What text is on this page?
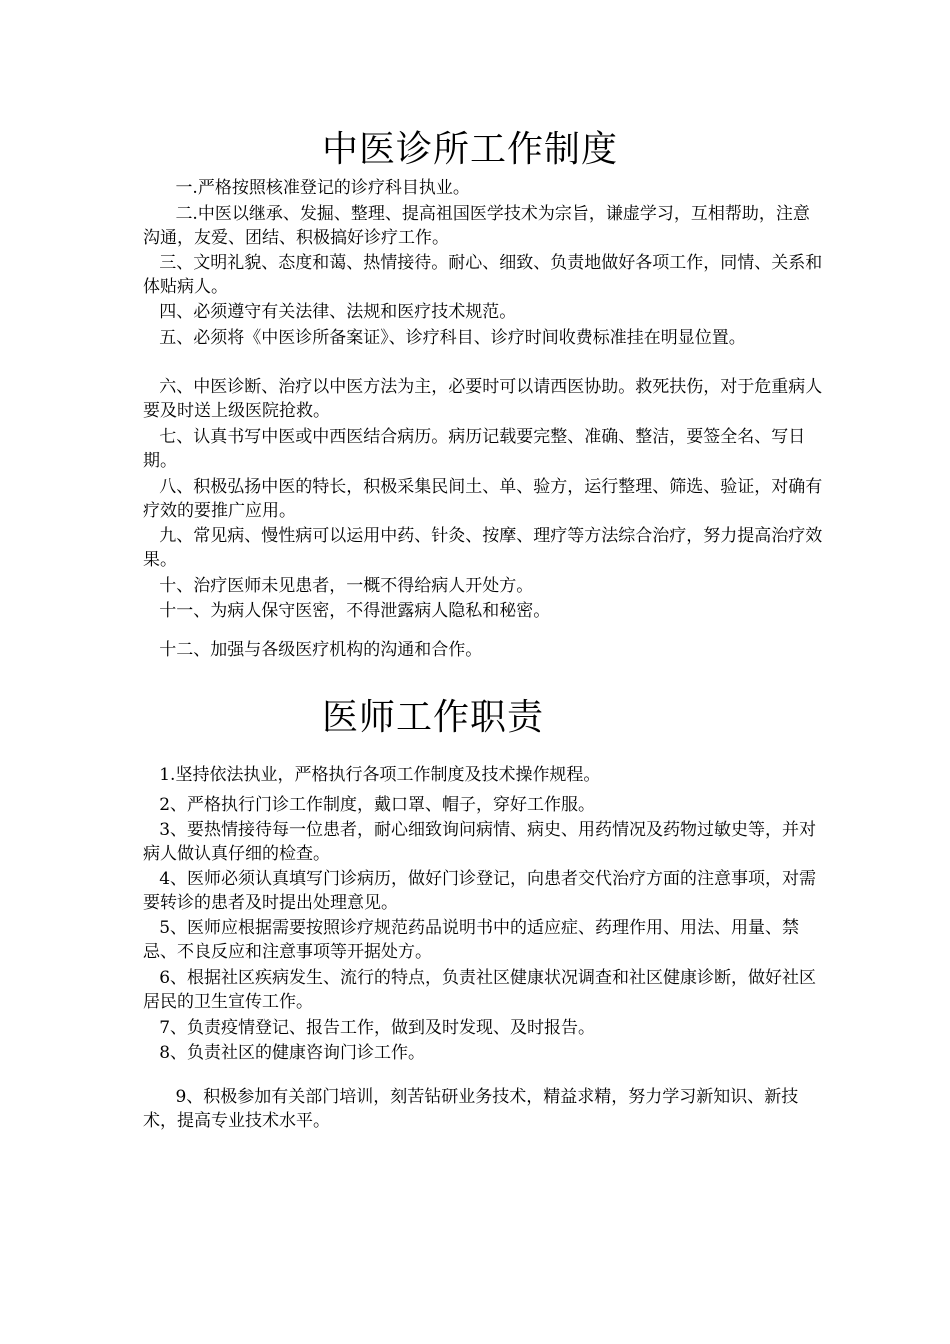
中医诊所工作制度
一.严格按照核准登记的诊疗科目执业。
二.中医以继承、发掘、整理、提高祖国医学技术为宗旨，谦虚学习，互相帮助，注意沟通，友爱、团结、积极搞好诊疗工作。
三、文明礼貌、态度和蔼、热情接待。耐心、细致、负责地做好各项工作，同情、关系和体贴病人。
四、必须遵守有关法律、法规和医疗技术规范。
五、必须将《中医诊所备案证》、诊疗科目、诊疗时间收费标准挂在明显位置。
六、中医诊断、治疗以中医方法为主，必要时可以请西医协助。救死扶伤，对于危重病人要及时送上级医院抢救。
七、认真书写中医或中西医结合病历。病历记载要完整、准确、整洁，要签全名、写日期。
八、积极弘扬中医的特长，积极采集民间土、单、验方，运行整理、筛选、验证，对确有疗效的要推广应用。
九、常见病、慢性病可以运用中药、针灸、按摩、理疗等方法综合治疗，努力提高治疗效果。
十、治疗医师未见患者，一概不得给病人开处方。
十一、为病人保守医密，不得泄露病人隐私和秘密。
十二、加强与各级医疗机构的沟通和合作。
医师工作职责
1.坚持依法执业，严格执行各项工作制度及技术操作规程。
2、严格执行门诊工作制度，戴口罩、帽子，穿好工作服。
3、要热情接待每一位患者，耐心细致询问病情、病史、用药情况及药物过敏史等，并对病人做认真仔细的检查。
4、医师必须认真填写门诊病历，做好门诊登记，向患者交代治疗方面的注意事项，对需要转诊的患者及时提出处理意见。
5、医师应根据需要按照诊疗规范药品说明书中的适应症、药理作用、用法、用量、禁忌、不良反应和注意事项等开据处方。
6、根据社区疾病发生、流行的特点，负责社区健康状况调查和社区健康诊断，做好社区居民的卫生宣传工作。
7、负责疫情登记、报告工作，做到及时发现、及时报告。
8、负责社区的健康咨询门诊工作。
9、积极参加有关部门培训，刻苦钻研业务技术，精益求精，努力学习新知识、新技术，提高专业技术水平。
